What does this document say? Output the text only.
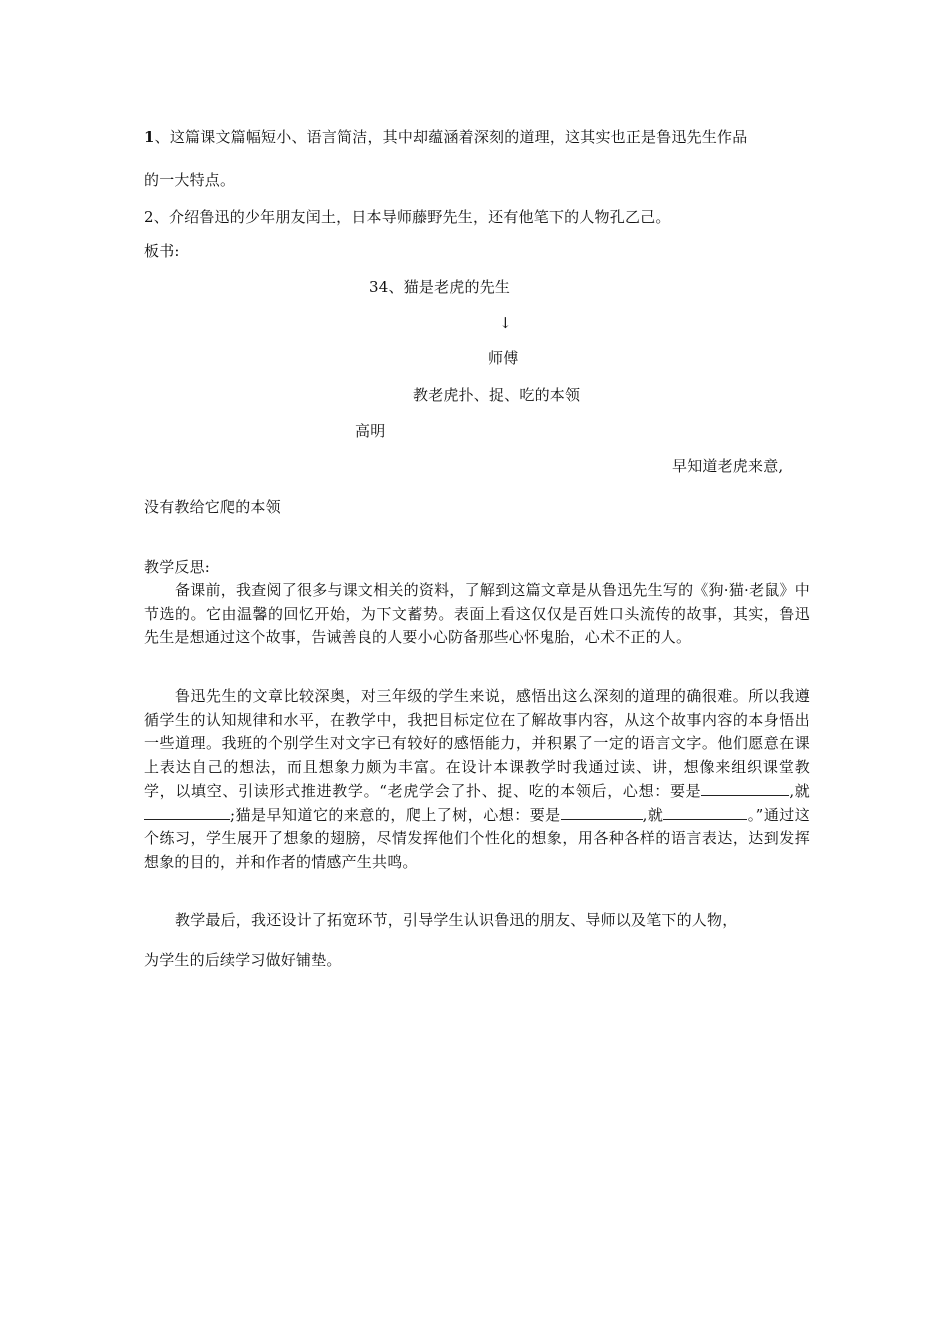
1、这篇课文篇幅短小、语言简洁，其中却蕴涵着深刻的道理，这其实也正是鲁迅先生作品
的一大特点。
2、介绍鲁迅的少年朋友闰土，日本导师藤野先生，还有他笔下的人物孔乙己。
板书:
34、猫是老虎的先生
↓
师傅
教老虎扑、捉、吃的本领
高明
早知道老虎来意,
没有教给它爬的本领
教学反思:
备课前，我查阅了很多与课文相关的资料，了解到这篇文章是从鲁迅先生写的《狗·猫·老鼠》中节选的。它由温馨的回忆开始，为下文蓄势。表面上看这仅仅是百姓口头流传的故事，其实，鲁迅先生是想通过这个故事，告诫善良的人要小心防备那些心怀鬼胎，心术不正的人。
鲁迅先生的文章比较深奥，对三年级的学生来说，感悟出这么深刻的道理的确很难。所以我遵循学生的认知规律和水平，在教学中，我把目标定位在了解故事内容，从这个故事内容的本身悟出一些道理。我班的个别学生对文字已有较好的感悟能力，并积累了一定的语言文字。他们愿意在课上表达自己的想法，而且想象力颇为丰富。在设计本课教学时我通过读、讲，想像来组织课堂教学，以填空、引读形式推进教学。“老虎学会了扑、捉、吃的本领后，心想：要是	,就;猫是早知道它的来意的，爬上了树，心想：要是	,就	。”通过这个练习，学生展开了想象的翅膀，尽情发挥他们个性化的想象，用各种各样的语言表达，达到发挥想象的目的，并和作者的情感产生共鸣。
教学最后，我还设计了拓宽环节，引导学生认识鲁迅的朋友、导师以及笔下的人物，
为学生的后续学习做好铺垫。
